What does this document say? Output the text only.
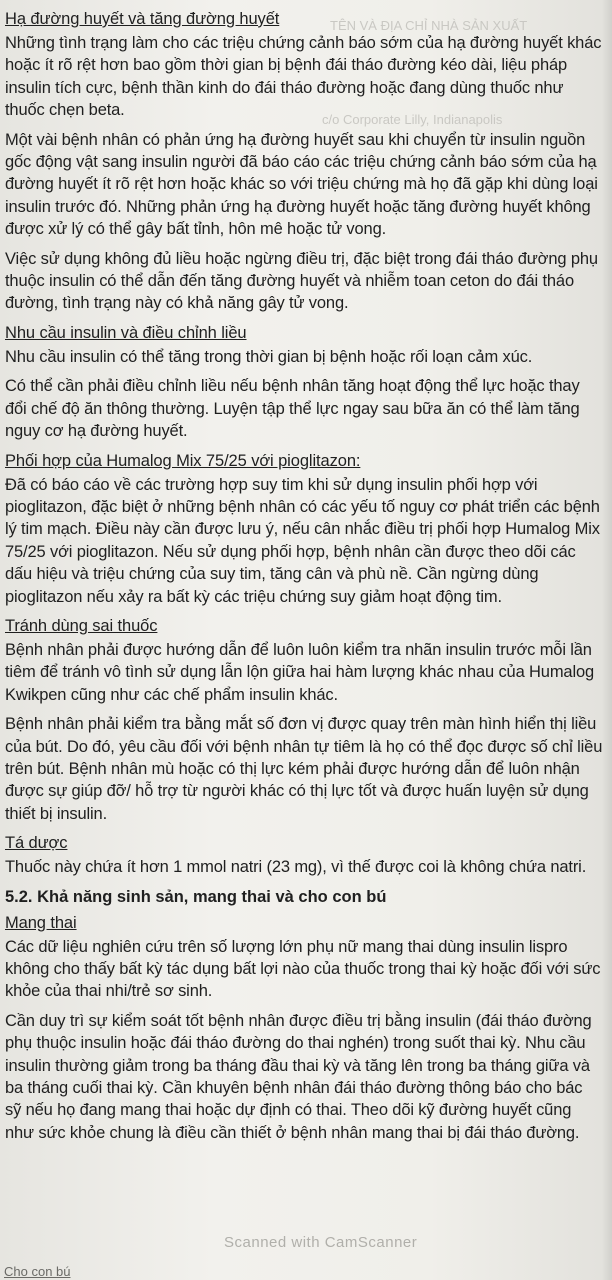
TÊN VÀ ĐỊA CHỈ NHÀ SẢN XUẤT
c/o Corporate Lilly, Indianapolis
Hạ đường huyết và tăng đường huyết

Những tình trạng làm cho các triệu chứng cảnh báo sớm của hạ đường huyết khác hoặc ít rõ rệt hơn bao gồm thời gian bị bệnh đái tháo đường kéo dài, liệu pháp insulin tích cực, bệnh thần kinh do đái tháo đường hoặc đang dùng thuốc như thuốc chẹn beta.

Một vài bệnh nhân có phản ứng hạ đường huyết sau khi chuyển từ insulin nguồn gốc động vật sang insulin người đã báo cáo các triệu chứng cảnh báo sớm của hạ đường huyết ít rõ rệt hơn hoặc khác so với triệu chứng mà họ đã gặp khi dùng loại insulin trước đó. Những phản ứng hạ đường huyết hoặc tăng đường huyết không được xử lý có thể gây bất tỉnh, hôn mê hoặc tử vong.

Việc sử dụng không đủ liều hoặc ngừng điều trị, đặc biệt trong đái tháo đường phụ thuộc insulin có thể dẫn đến tăng đường huyết và nhiễm toan ceton do đái tháo đường, tình trạng này có khả năng gây tử vong.

Nhu cầu insulin và điều chỉnh liều

Nhu cầu insulin có thể tăng trong thời gian bị bệnh hoặc rối loạn cảm xúc.

Có thể cần phải điều chỉnh liều nếu bệnh nhân tăng hoạt động thể lực hoặc thay đổi chế độ ăn thông thường. Luyện tập thể lực ngay sau bữa ăn có thể làm tăng nguy cơ hạ đường huyết.

Phối hợp của Humalog Mix 75/25 với pioglitazon:

Đã có báo cáo về các trường hợp suy tim khi sử dụng insulin phối hợp với pioglitazon, đặc biệt ở những bệnh nhân có các yếu tố nguy cơ phát triển các bệnh lý tim mạch. Điều này cần được lưu ý, nếu cân nhắc điều trị phối hợp Humalog Mix 75/25 với pioglitazon. Nếu sử dụng phối hợp, bệnh nhân cần được theo dõi các dấu hiệu và triệu chứng của suy tim, tăng cân và phù nề. Cần ngừng dùng pioglitazon nếu xảy ra bất kỳ các triệu chứng suy giảm hoạt động tim.

Tránh dùng sai thuốc

Bệnh nhân phải được hướng dẫn để luôn luôn kiểm tra nhãn insulin trước mỗi lần tiêm để tránh vô tình sử dụng lẫn lộn giữa hai hàm lượng khác nhau của Humalog Kwikpen cũng như các chế phẩm insulin khác.

Bệnh nhân phải kiểm tra bằng mắt số đơn vị được quay trên màn hình hiển thị liều của bút. Do đó, yêu cầu đối với bệnh nhân tự tiêm là họ có thể đọc được số chỉ liều trên bút. Bệnh nhân mù hoặc có thị lực kém phải được hướng dẫn để luôn nhận được sự giúp đỡ/ hỗ trợ từ người khác có thị lực tốt và được huấn luyện sử dụng thiết bị insulin.

Tá dược

Thuốc này chứa ít hơn 1 mmol natri (23 mg), vì thế được coi là không chứa natri.

5.2. Khả năng sinh sản, mang thai và cho con bú
Mang thai

Các dữ liệu nghiên cứu trên số lượng lớn phụ nữ mang thai dùng insulin lispro không cho thấy bất kỳ tác dụng bất lợi nào của thuốc trong thai kỳ hoặc đối với sức khỏe của thai nhi/trẻ sơ sinh.

Cần duy trì sự kiểm soát tốt bệnh nhân được điều trị bằng insulin (đái tháo đường phụ thuộc insulin hoặc đái tháo đường do thai nghén) trong suốt thai kỳ. Nhu cầu insulin thường giảm trong ba tháng đầu thai kỳ và tăng lên trong ba tháng giữa và ba tháng cuối thai kỳ. Cần khuyên bệnh nhân đái tháo đường thông báo cho bác sỹ nếu họ đang mang thai hoặc dự định có thai. Theo dõi kỹ đường huyết cũng như sức khỏe chung là điều cần thiết ở bệnh nhân mang thai bị đái tháo đường.

Scanned with CamScanner
Cho con bú
